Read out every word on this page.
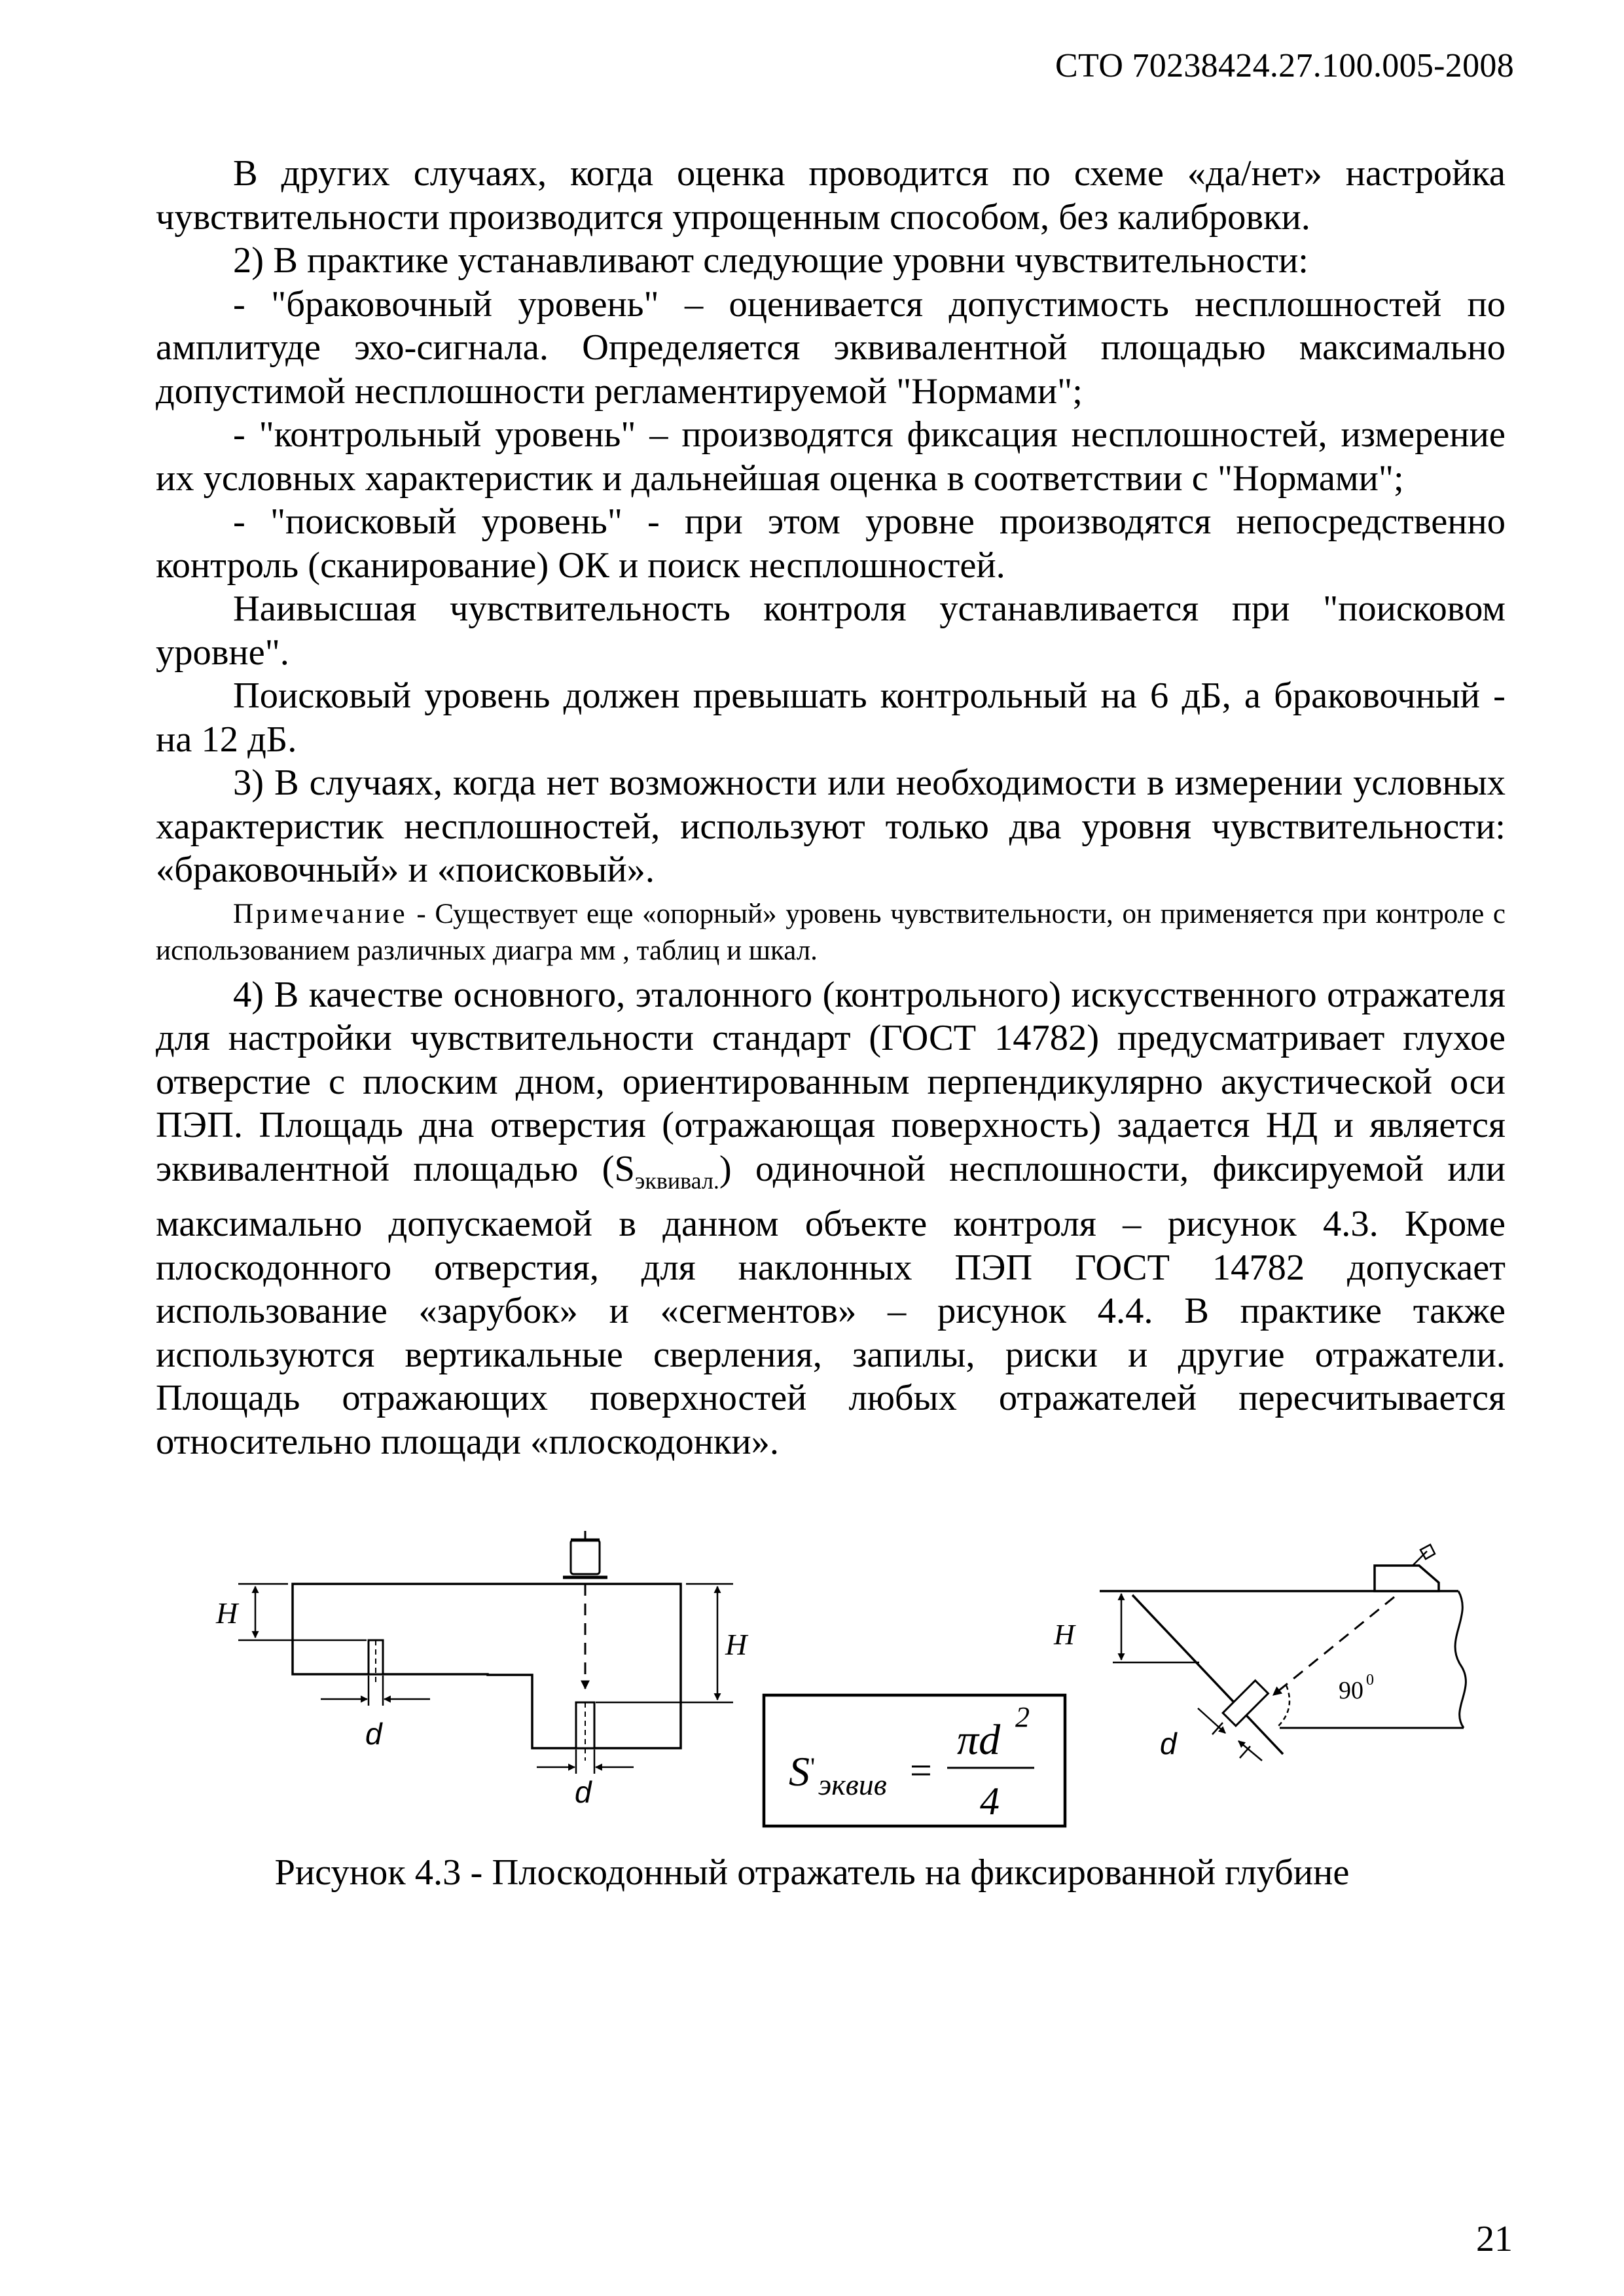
СТО 70238424.27.100.005-2008

В других случаях, когда оценка проводится по схеме «да/нет» настройка чувствительности производится упрощенным способом, без калибровки.

2) В практике устанавливают следующие уровни чувствительности:

- "браковочный уровень" – оценивается допустимость несплошностей по амплитуде эхо-сигнала. Определяется эквивалентной площадью максимально допустимой несплошности регламентируемой "Нормами";

- "контрольный уровень" – производятся фиксация несплошностей, измерение их условных характеристик и дальнейшая оценка в соответствии с "Нормами";

- "поисковый уровень" - при этом уровне производятся непосредственно контроль (сканирование) ОК и поиск несплошностей.

Наивысшая чувствительность контроля устанавливается при "поисковом уровне".

Поисковый уровень должен превышать контрольный на 6 дБ, а браковочный - на 12 дБ.

3) В случаях, когда нет возможности или необходимости в измерении условных характеристик несплошностей, используют только два уровня чувствительности: «браковочный» и «поисковый».

Примечание - Существует еще «опорный» уровень чувствительности, он применяется при контроле с использованием различных диагра мм , таблиц и шкал.

4) В качестве основного, эталонного (контрольного) искусственного отражателя для настройки чувствительности стандарт (ГОСТ 14782) предусматривает глухое отверстие с плоским дном, ориентированным перпендикулярно акустической оси ПЭП. Площадь дна отверстия (отражающая поверхность) задается НД и является эквивалентной площадью $(S_{эквивал.})$ одиночной несплошности, фиксируемой или максимально допускаемой в данном объекте контроля – рисунок 4.3. Кроме плоскодонного отверстия, для наклонных ПЭП ГОСТ 14782 допускает использование «зарубок» и «сегментов» – рисунок 4.4. В практике также используются вертикальные сверления, запилы, риски и другие отражатели. Площадь отражающих поверхностей любых отражателей пересчитывается относительно площади «плоскодонки».

H
H
d
d	S '
эквив =
πd 2
4
H
d
90 0
Рисунок 4.3 - Плоскодонный отражатель на фиксированной глубине
21
